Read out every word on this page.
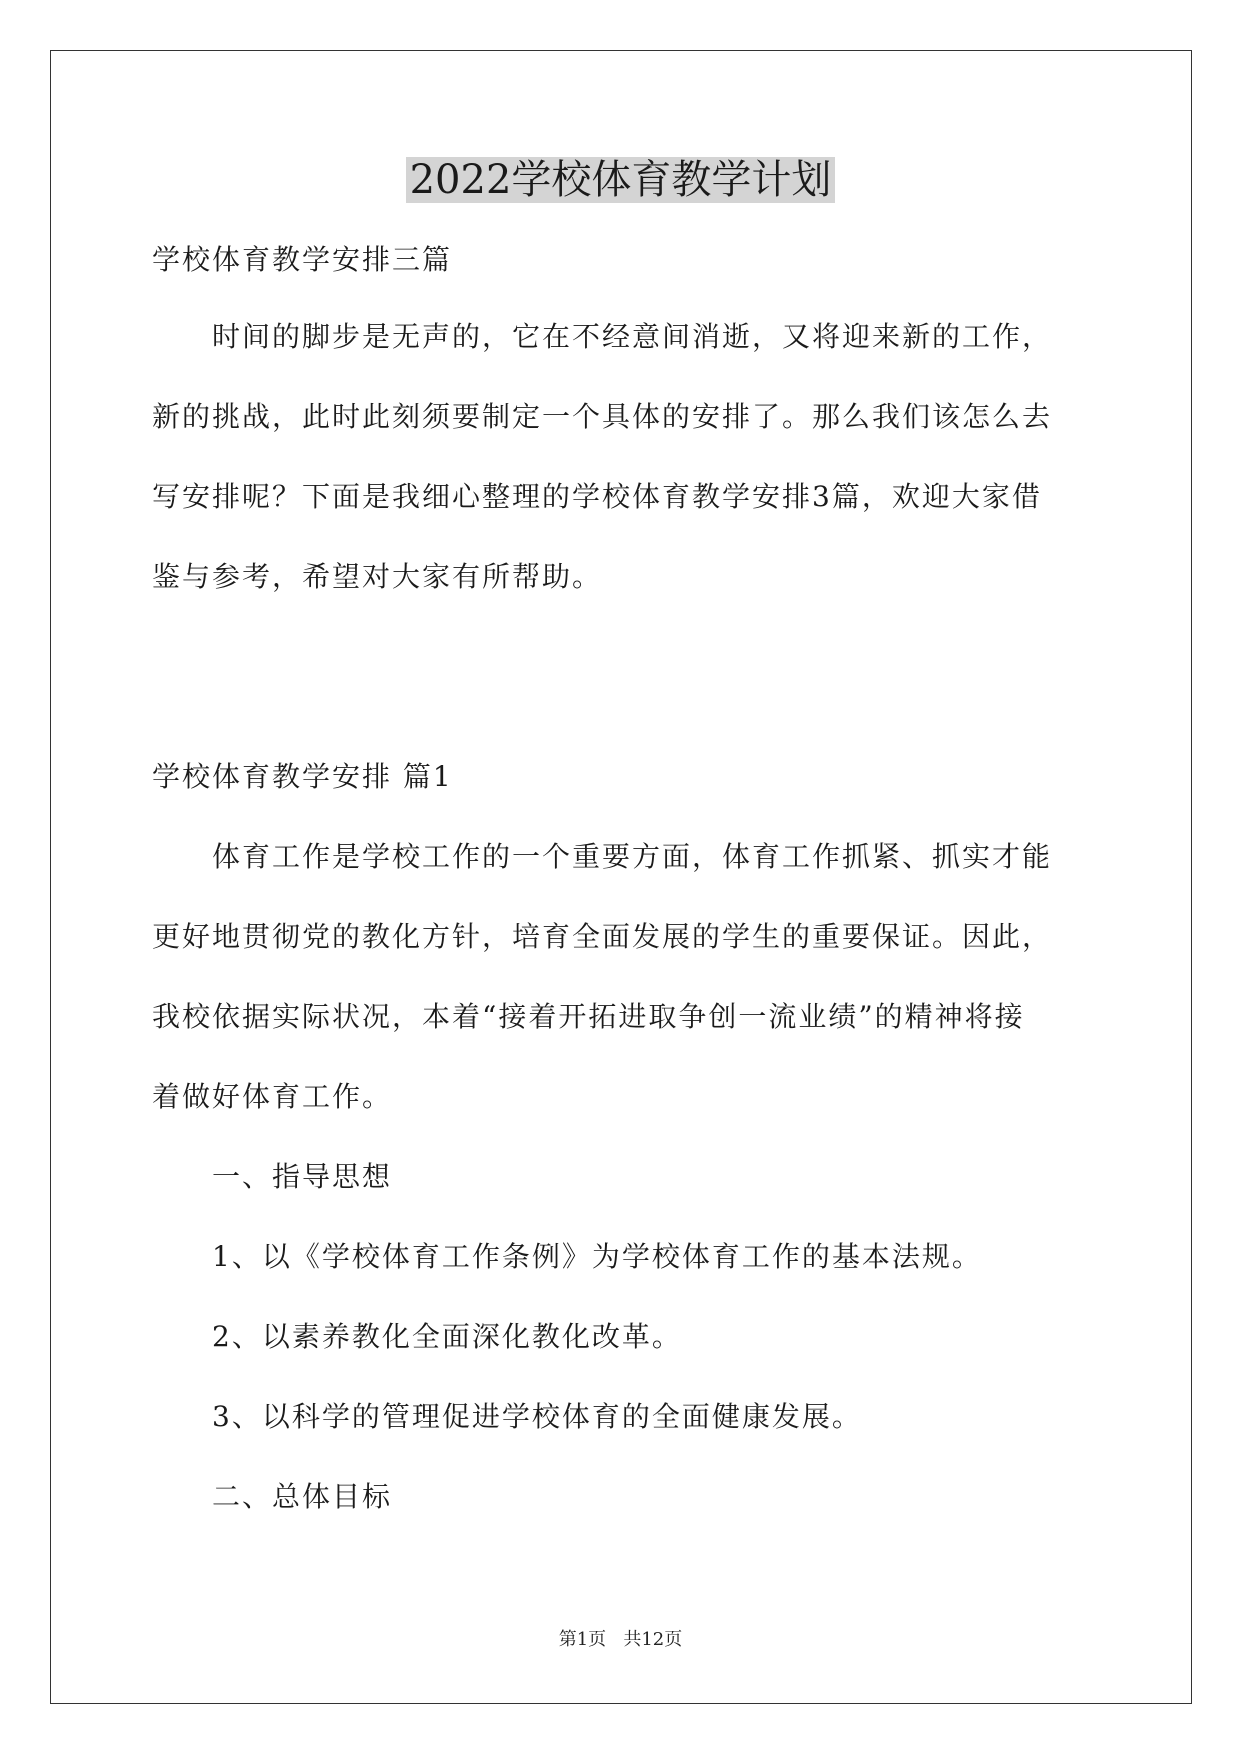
2022学校体育教学计划

学校体育教学安排三篇

时间的脚步是无声的，它在不经意间消逝，又将迎来新的工作，

新的挑战，此时此刻须要制定一个具体的安排了。那么我们该怎么去

写安排呢？下面是我细心整理的学校体育教学安排3篇，欢迎大家借

鉴与参考，希望对大家有所帮助。

学校体育教学安排 篇1

体育工作是学校工作的一个重要方面，体育工作抓紧、抓实才能

更好地贯彻党的教化方针，培育全面发展的学生的重要保证。因此，

我校依据实际状况，本着“接着开拓进取争创一流业绩”的精神将接

着做好体育工作。

一、指导思想

1、以《学校体育工作条例》为学校体育工作的基本法规。

2、以素养教化全面深化教化改革。

3、以科学的管理促进学校体育的全面健康发展。

二、总体目标

第1页   共12页
